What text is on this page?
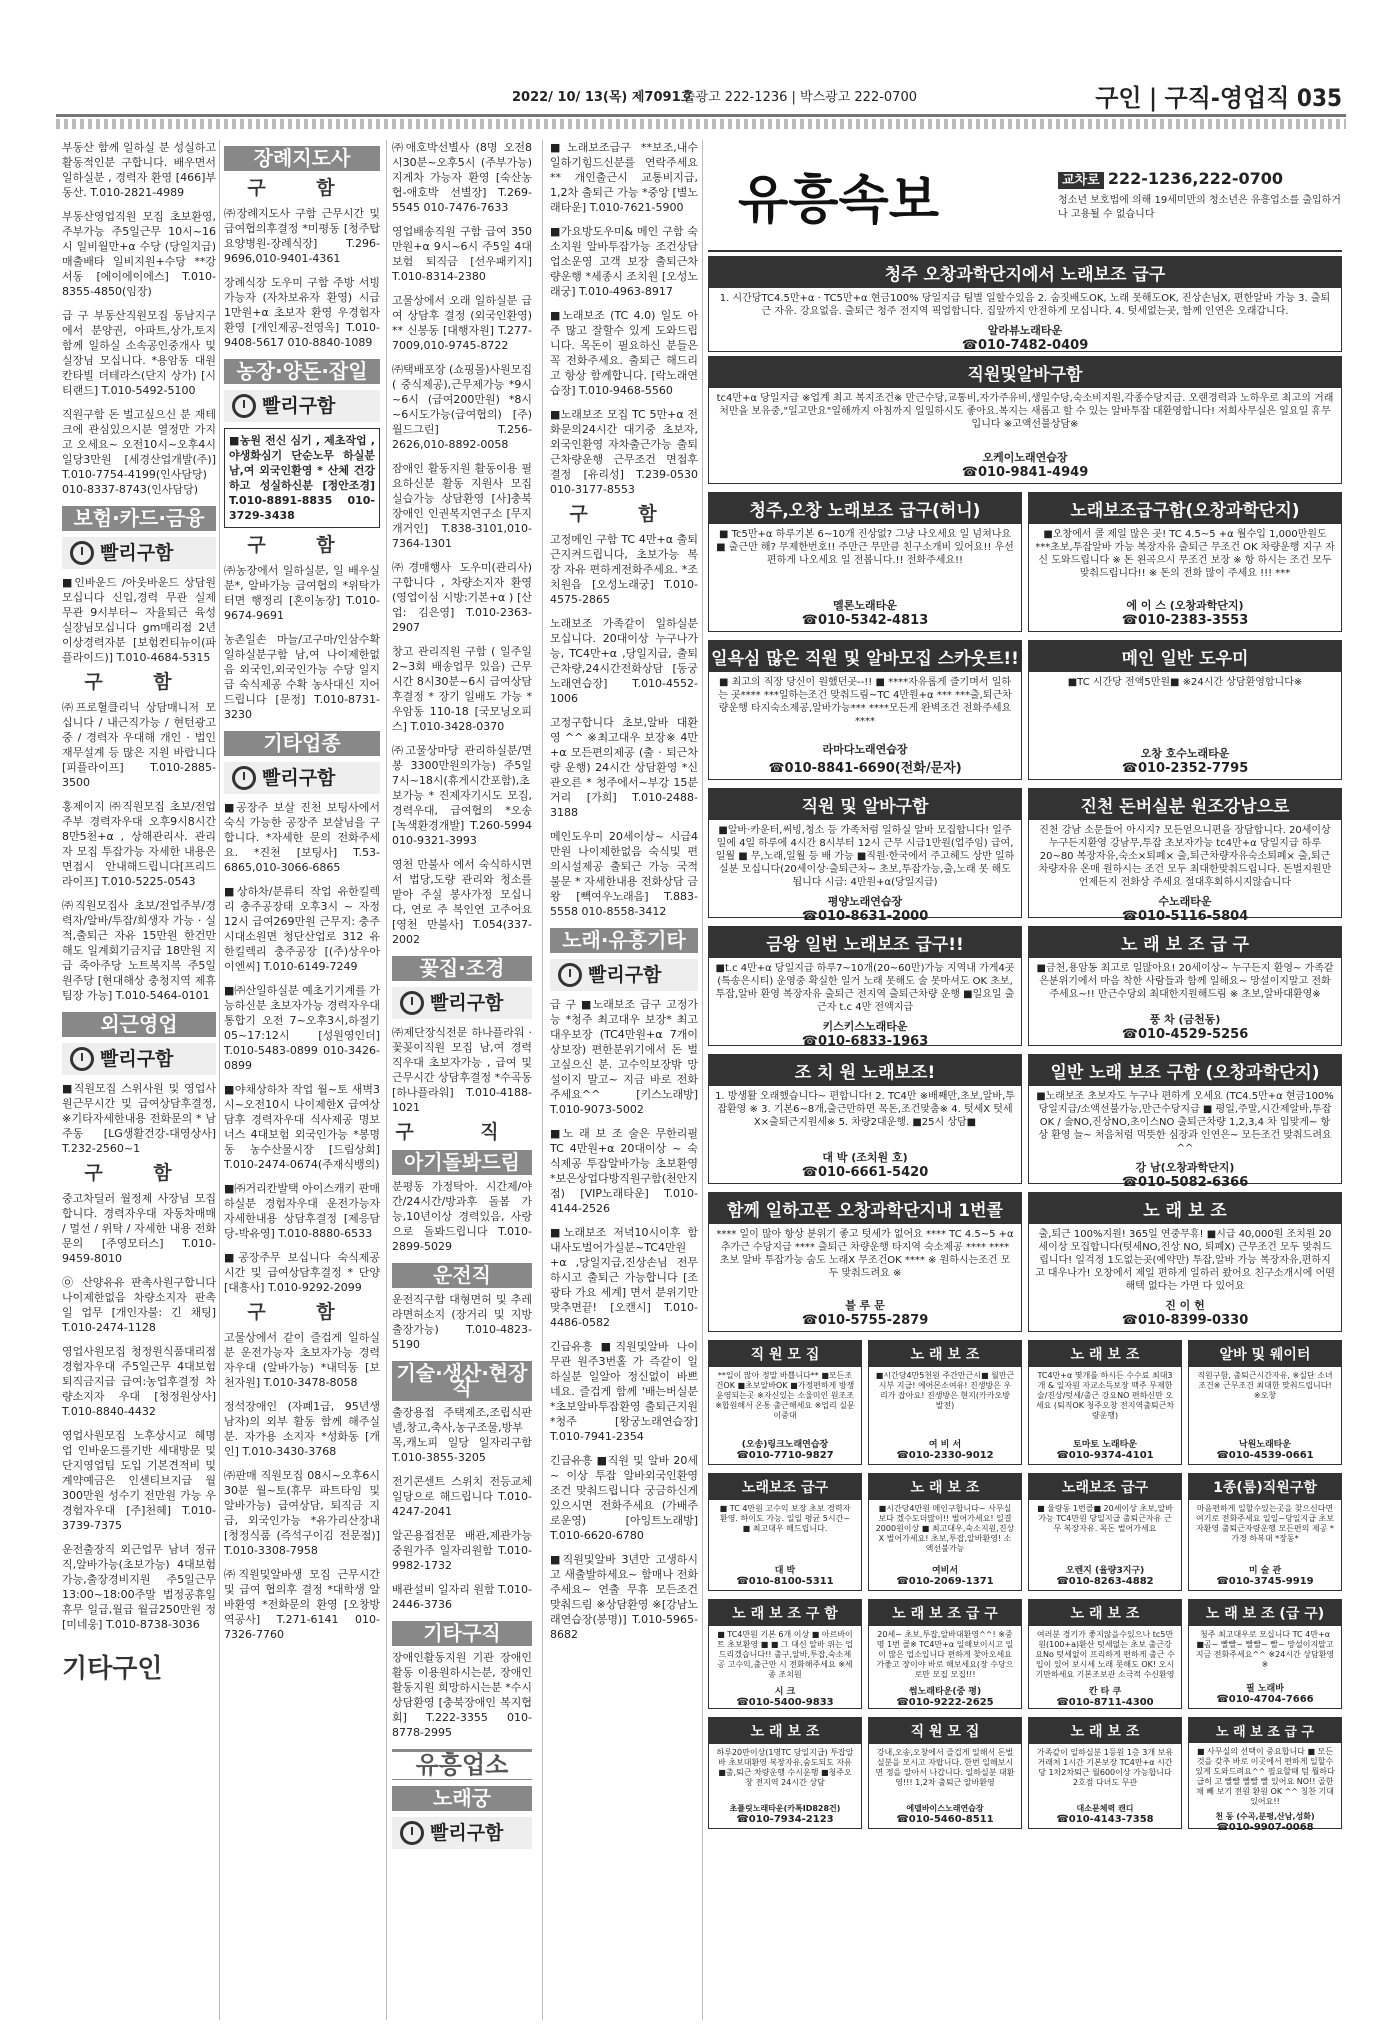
2022/ 10/ 13(목) 제7091호
출광고 222-1236 | 박스광고 222-0700	구인 | 구직-영업직 035

부동산 함께 일하실 분 성실하고 활동적인분 구합니다. 배우면서 일하실분 , 경력자 환영 [466]부동산. T.010-2821-4989

부동산영업직원 모집 초보환영, 주부가능 주5일근무 10시~16시 일비월만+α 수당 (당일지급) 매출배타 일비지원+수당 **강서동 [에이에이에스] T.010-8355-4850(임장)

급 구 부동산직원모집 동남지구에서 분양권, 아파트,상가,토지 함께 일하실 소속공인중개사 및 실장님 모십니다. *용암동 대원칸타빌 더테라스(단지 상가) [시티랜드] T.010-5492-5100

직원구함 돈 벌고싶으신 분 재테크에 관심있으시분 열정만 가지고 오세요~ 오전10시~오후4시 일당3만원 [세경산업개발(주)] T.010-7754-4199(인사담당) 010-8337-8743(인사담당)

보험·카드·금융
빨리구함

■인바운드 /아웃바운드 상담원 모십니다 신입,경력 무관 실제 무관 9시부터~ 자율퇴근 육성 실장님모십니다 gm매리점 2년 이상경력자분 [보험컨티뉴이(파플라이드)] T.010-4684-5315

구 함

㈜프로혈클리닉 상담매니저 모십니다 / 내근직가능 / 현턴광고중 / 경력자 우대해 개인 · 법인 재무설계 등 많은 지원 바랍니다 [피플라이프] T.010-2885-3500

홍제이지 ㈜직원모집 초보/전업주부 경력자우대 오후9시8시간 8만5천+α , 상해관리사. 관리자 모집 투잡가능 자세한 내용은 면접시 안내해드립니다[프리드라이프] T.010-5225-0543

㈜직원모집사 초보/전업주부/경력자/알바/투잡/희생자 가능 · 실적,출퇴근 자유 15만원 한건만해도 일계회기금지급 18만원 지급 죽아주당 노트복지복 주5일원주당 [현대해상 충청지역 제휴팀장 가능] T.010-5464-0101

외근영업
빨리구함

■직원모집 스위사원 및 영업사원근무시간 및 급여상담후결정, ※기타자세한내용 전화문의 * 남주동 [LG생활건강-대영상사] T.232-2560~1

구 함

중고차딜러 월정제 사장님 모집합니다. 경력자우대 자동차매매 / 멀선 / 위탁 / 자세한 내용 전화문의 [주영모터스] T.010-9459-8010

㉧ 산양유유 판촉사원구합니다 나이제한없음 차량소지자 판촉일 업무 [개인자불: 긴 채팅] T.010-2474-1128

영업사원모집 청정원식품대리점 경험자우대 주5일근무 4대보험 퇴직금지급 급여:농업후결정 차량소지자 우대 [청정원상사] T.010-8840-4432

영업사원모집 노후상시교 혜명업 인바운드를기반 세대방문 및 단지영업팀 도입 기본견적비 및 계약예금은 인센티브지급 월 300만원 성수기 전만원 가능 우경험자우대 [주]천혜] T.010-3739-7375

운전출장직 외근업무 남녀 정규직,알바가능(초보가능) 4대보험가능,출장경비지원 주5일근무 13:00~18:00주말 법정공휴일휴무 일급,월급 월급250만원 정[미네웅] T.010-8738-3036

기타구인
장례지도사
구 함

㈜장례지도사 구함 근무시간 및 급여협의후결정 *미평동 [청주탑요양병원-장례식장] T.296-9696,010-9401-4361

장례식장 도우미 구함 주방 서빙가능자 (자차보유자 환영) 시급 1만원+α 초보자 환영 우경험자 환영 [개인제공-전영옥] T.010-9408-5617 010-8840-1089

농장·양돈·잡일
빨리구함

■농원 전신 심기 , 제초작업 , 야생화심기 단순노무 하실분 남,여 외국인환영 * 산체 건강하고 성실하신분 [정안조경] T.010-8891-8835 010-3729-3438

구 함

㈜농장에서 일하실분, 일 배우실분*, 알바가능 급여협의 *위탁가터면 행정리 [혼이농장] T.010-9674-9691

농촌일손 마늘/고구마/인삼수확 일하실분구함 남,여 나이제한없음 외국인,외국인가능 수당 일지급 숙식제공 수확 농사대신 지어드립니다 [문정] T.010-8731-3230

기타업종
빨리구함

■공장주 보살 진천 보팅사에서 숙식 가능한 공장주 보살님을 구합니다. *자세한 문의 전화주세요. *진천 [보팅사] T.53-6865,010-3066-6865

■상하차/분류티 작업 유한킬렉 리 충주공장태 오후3시 ~ 자정 12시 급여269만원 근무지: 충주시대소원면 청단산업로 312 유한킬렉리 충주공장 [(주)상우아이엔씨] T.010-6149-7249

■㈜산일하실분 예초기기계를 가능하신분 초보자가능 경력자우대 통합기 오전 7~오후3시,하절기05~17:12시 [성원영인더] T.010-5483-0899 010-3426-0899

■야채상하차 작업 월~토 새벽3시~오전10시 나이제한X 급여상담후 경력자우대 식사제공 명보너스 4대보험 외국인가능 *봉명동 농수산물시장 [드림상회] T.010-2474-0674(주재식뱅의)

■㈜거리칸발택 아이스캐키 판매하실분 경험자우대 운전가능자 자세한내용 상담후결정 [제응담당-박유영] T.010-8880-6533

■공장주무 보십니다 숙식제공 시간 및 급여상담후결정 * 단양 [대흥사] T.010-9292-2099

구 함

고물상에서 같이 즐겁게 일하실 분 운전가능자 초보자가능 경력자우대 (알바가능) *내덕동 [보천자원] T.010-3478-8058

정석장애인 (자폐1급, 95년생 남자)의 외부 활동 함께 해주실 분. 자가용 소지자 *성화동 [개인] T.010-3430-3768

㈜판매 직원모집 08시~오후6시 30분 월~토(휴무 파트타임 및 알바가능) 급여상담, 퇴직금 지급, 외국인가능 *유가리산장내 [청정식품 (즉석구이김 전문점)] T.010-3308-7958

㈜직원및알바생 모집 근무시간 및 급여 협의후 결정 *대학생 알바환영 *전화문의 환영 [오창방역공사] T.271-6141 010-7326-7760

㈜애호박선별사 (8명 오전8시30분~오후5시 (주부가능) 지게차 가능자 환영 [숙산농협-애호박 선별장] T.269-5545 010-7476-7633

영업배송직원 구함 급여 350만원+α 9시~6시 주5일 4대보험 퇴직금 [선우패키지] T.010-8314-2380

고물상에서 오래 일하실분 급여 상담후 결정 (외국인환영) ** 신봉동 [대행자원] T.277-7009,010-9745-8722

㈜택배포장 (쇼핑몰)사원모집 ( 중식제공),근무제가능 *9시~6시 (급여200만원) *8시~6시도가능(급여협의) [주)월드그린] T.256-2626,010-8892-0058

잠애인 활동지원 활동이용 필요하신분 활동 지원사 모집 실습가능 상담환영 [사]충북장애인 인권복지연구소 [무지개거인] T.838-3101,010-7364-1301

㈜경매행사 도우미(관리사) 구합니다 , 차량소지자 환영 (영업이심 시방:기본+α ) [산업: 김은영] T.010-2363-2907

창고 관리직원 구함 ( 일주일 2~3회 배송업무 있음) 근무시간 8시30분~6시 급여상담후결정 * 장기 일배도 가능 * 우암동 110-18 [국모닝오피스] T.010-3428-0370

㈜고물상마당 관리하실분/면봉 3300만원의가능) 주5일 7시~18시(휴게시간포함),초보가능 * 진제자기시도 모집, 경력우대, 급여협의 *오송 [녹색환경개발] T.260-5994 010-9321-3993

영천 만불사 에서 숙식하시면서 법당,도량 관리와 청소를 맡아 주실 봉사가정 모십니다, 연로 주 복인연 고주어요 [영천 만불사] T.054(337-2002

꽃집·조경
빨리구함

㈜제단장식전문 하나플라워 · 꽃꽂이직원 모집 남,여 경력직우대 초보자가능 , 급여 및 근무시간 상담후결정 *수곡동 [하나플라워] T.010-4188-1021

구 직
아기돌봐드림

분평동 가정탁아. 시간제/야간/24시간/방과후 돌봄 가능,10년이상 경력있음, 사랑으로 돌봐드립니다 T.010-2899-5029

운전직

운전직구함 대형면허 및 추레라면허소지 (장거리 및 지방출장가능) T.010-4823-5190

기술·생산·현장직

출장용접 주택제조,조립식판넬,창고,축사,농구조물,방부목,캐노피 일당 일자리구함 T.010-3855-3205

전기콘센트 스위치 전등교체 일당으로 해드립니다 T.010-4247-2041

알곤용접전문 배관,제관가능 중원가주 일자리원함 T.010-9982-1732

배관설비 일자리 원함 T.010-2446-3736

기타구직

장애인활동지원 기관 장애인활동 이용원하시는분, 장애인활동지원 희망하시는분 *수시상담환영 [충북장애인 복지협회] T.222-3355 010-8778-2995

유흥업소
노래궁
빨리구함

■노래보조급구 **보조,내수 일하기힘드신분를 연락주세요** 개인출근시 교통비지급, 1,2차 출퇴근 가능 *중앙 [별노래타운] T.010-7621-5900

■가요방도우미& 메인 구함 숙소지원 알바투잡가능 조건상담 업소운영 고객 보장 출퇴근차량운행 *세종시 조치원 [오성노래궁] T.010-4963-8917

■노래보조 (TC 4.0) 일도 아주 많고 잘할수 있게 도와드립니다. 목돈이 필요하신 분들은 꼭 전화주세요. 출퇴근 해드리고 항상 함께합니다. [락노래연습장] T.010-9468-5560

■노래보조 모집 TC 5만+α 전화문의24시간 대기중 초보자,외국인환영 자차출근가능 출퇴근차량운행 근무조건 면접후 결정 [유리성] T.239-0530 010-3177-8553

구 함

고정메인 구함 TC 4만+α 출퇴근지켜드립니다, 초보가능 복장 자유 편하게전화주세요. *조치원읍 [오성노래궁] T.010-4575-2865

노래보조 가족같이 일하실분 모십니다. 20대이상 누구나가능, TC4만+α ,당일지급, 출퇴근차량,24시간전화상담 [동궁노래연습장] T.010-4552-1006

고정구합니다 초보,알바 대환영 ^^ ※최고대우 보장※ 4만+α 모든편의제공 (출 · 퇴근차량 운행) 24시간 상담환영 *신관오른 * 청주에서~부강 15분거리 [가희] T.010-2488-3188

메인도우미 20세이상~ 시급4만원 나이제한없음 숙식및 편의시설제공 출퇴근 가능 국적불문 * 자세한내용 전화상담 금왕 [빽여우노래음] T.883-5558 010-8558-3412

노래·유흥기타
빨리구함

급 구 ■노래보조 급구 고정가능 *청주 최고대우 보장* 최고대우보장 (TC4만원+α 7개이상보장) 편한분위기에서 돈 벌고싶으신 분. 고수익보장밖 망설이지 말고~ 지금 바로 전화주세요^^ [키스노래방] T.010-9073-5002

■노 래 보 조 술은 무한리필 TC 4만원+α 20대이상 ~ 숙식제공 투잡알바가능 초보환영 *보은상업다방직원구함(천안지점) [VIP노래타운] T.010-4144-2526

■노래보조 저녁10시이후 함내사도벌어가실분~TC4만원+α ,당일지급,진상손님 전무 하시고 출퇴근 가능합니다 [조광타 가요 세계] 면서 분위기만맞추면끝! [오캔시] T.010-4486-0582

긴급유흥 ■직원및알바 나이 무관 원주3번홀 가 즉같이 일하실분 일알아 정신없이 바쁘네요. 즐겁게 함께 '배는버실분 *초보알바투잡환영 출퇴근지원 *청주 [왕궁노래연습장] T.010-7941-2354

긴급유흥 ■직원 및 알바 20세 ~ 이상 투잡 알바외국인환영 조건 맞춰드립니다 궁금하신게 있으시면 전화주세요 (가배주로운영) [아잉트노래방] T.010-6620-6780

■직원및알바 3년만 고생하시고 새출발하세요~ 함매나 전화주세요~ 연출 무휴 모든조건 맞춰드림 ※상담환영 ※[강남노래연습장(봉명)] T.010-5965-8682

유흥속보	교차로 222-1236,222-0700
청소년 보호법에 의해 19세미만의 청소년은 유흥업소를 출입하거나 고용될 수 없습니다
청주 오창과학단지에서 노래보조 급구
1. 시간당TC4.5만+α · TC5만+α 현금100% 당일지급 팀별 일할수있음 2. 숨짓배도OK, 노래 못해도OK, 진상손님X, 편한알바 가능 3. 출퇴근 자유. 강요없음. 출퇴근 청주 전지역 픽업합니다. 집앞까지 안전하게 모십니다. 4. 텃세없는곳, 함께 인연은 오래갑니다.
알라뷰노래타운
☎010-7482-0409
직원및알바구함
tc4만+α 당일지급 ※업계 최고 복지조건※ 만근수당,교통비,자가주유비,생일수당,숙소비지원,각종수당지급. 오랜경력과 노하우로 최고의 거래처만을 보유중,"일고만요"일해까지 아침까지 일일하시도 좋아요.복지는 새롭고 할 수 있는 알바투잡 대환영합니다! 저희사무실은 일요일 휴무입니다 ※고액선불상담※
오케이노래연습장
☎010-9841-4949
청주,오창 노래보조 급구(허니)
■ Tc5만+α 하루기본 6~10개 진상없? 그냥 나오세요 일 넘쳐나요 ■ 출근만 해? 무제한번호!! 주만근 무만큼 친구소개비 있어요!! 우선 편하게 나오세요 일 전봅니다.!! 전화주세요!!
멜론노래타운
☎010-5342-4813
노래보조급구함(오창과학단지)
■오창에서 콜 제일 많은 곳! TC 4.5~5 +α 월수입 1,000만원도 ***초보,투잡알바 가능 복장자유 출퇴근 무조건 OK 차량운행 지구 자신 도와드립니다 ※ 돈 왼곡으시 무조건 보장 ※ 항 하시는 조건 모두 맞춰드립니다!! ※ 돈의 전화 많이 주세요 !!! ***
에 이 스 (오창과학단지)
☎010-2383-3553
일욕심 많은 직원 및 알바모집 스카웃트!!
■ 최고의 직장 당신이 원했던곳--!! ■ ****자유롭게 즐기며서 일하는 곳**** ***일하는조건 맞춰드림~TC 4만원+α *** ***출,퇴근차량운행 타지숙소제공,알바가능*** ****모든게 완벽조건 전화주세요****
라마다노래연습장
☎010-8841-6690(전화/문자)
메인 일반 도우미
■TC 시간당 전액5만원■ ※24시간 상담환영합니다※
오창 호수노래타운
☎010-2352-7795
직원 및 알바구함
■알바·카운터,써빙,청소 등 가족처럼 일하실 알바 모집합니다! 일주일에 4일 하루에 4시간 8시부터 12시 근무 시급1만원(업주임) 급여,일월 ■ 무,노래,일월 등 배 가능 ■직원·한국에서 주고헤드 상반 일하실분 모십니다(20세이상·출퇴근차~ 초보,투잡가능,출,노래 못 해도 됩니다 시급: 4만원+α(당일지급)
평양노래연습장
☎010-8631-2000
진천 돈버실분 원조강남으로
진천 강남 소문들어 아시지? 모든얻으니편을 장담합니다. 20세이상 누구든지환영 강남무,투잡 초보자가능 tc4만+α 당일지급 하루20~80 복장자유,숙소×퇴폐× 출,퇴근차량자유숙소퇴폐× 출,퇴근차량자유 온매 원하시는 조건 모두 최대한맞춰드립니다. 돈벌지원만 언제든지 전화상 주세요 절대후회하시지않습니다
수노래타운
☎010-5116-5804
금왕 일번 노래보조 급구!!
■t.c 4만+α 당일지급 하루7~10개(20~60만)가능 지역내 가게4곳(특송은시티) 운영중 확실한 일거 노래 못해도 술 못마셔도 OK 초보,투잡,알바 환영 복장자유 출퇴근 전지역 출퇴근차량 운행 ■일요일 출근자 t.c 4만 전액지급
키스키스노래타운
☎010-6833-1963
노 래 보 조 급 구
■금천,용암동 최고로 일많아요! 20세이상~ 누구든지 환영~ 가족같은분위기에서 마음 착한 사람들과 함께 일해요~ 망설이지말고 전화주세요~!! 만근수당외 최대한지원해드림 ※ 초보,알바대환영※
풍 차 (금천동)
☎010-4529-5256
조 치 원 노래보조!
1. 방생활 오래했습니다~ 편합니다! 2. TC4만 ※배째만,초보,알바,투잡환영 ※ 3. 기본6~8개,출근만하면 목돈,조건맞춤※ 4. 텃세X 텃세X×출퇴근지원세※ 5. 차량2대운행. ■25시 상담■
대 박 (조치원 호)
☎010-6661-5420
일반 노래 보조 구함 (오창과학단지)
■노래보조 초보자도 누구나 편하게 오세요 (TC4.5만+α 현금100% 당일지급/소액선불가능,만근수당지급 ■ 평일,주말,시간제알바,투잡OK / 술NO,진상NO,초이스NO 출퇴근차량 1,2,3,4 차 입맞게~ 항상 환영 늘~ 처음처럼 먹뜻한 심장과 인연은~ 모든조건 맞춰드려요^^
강 남(오창과학단지)
☎010-5082-6366
함께 일하고픈 오창과학단지내 1번콜
**** 일이 많아 항상 분위기 좋고 텃세가 없어요 **** TC 4.5~5 +α 추가근 수당지급 **** 출퇴근 차량운행 타지역 숙소제공 **** **** 초보 알바 투잡가능 숨도 노래X 무조건OK **** ※ 원하시는조건 모두 맞춰드려요 ※
블 루 문
☎010-5755-2879
노 래 보 조
출,퇴근 100%지원! 365일 연중무휴! ■시급 40,000원 조치원 20세이상 모집합니다(텃세NO,진상 NO, 퇴폐X) 근무조건 모두 맞춰드립니다! 일걱정 1도없는곳(예약만) 투잡,알바 가능 복장자유,편하지고 대우나가! 오창에서 제일 편하게 일하러 왔어요 친구소개시에 어떤해택 없다는 가면 다 있어요
진 이 헌
☎010-8399-0330
직 원 모 집
**일이 많아 정말 바쁩니다** ■모든조건OK ■초보알바OK ■가정편하게 방쟁운영되는곳 ※자신있는 소울미인 원조조 ※합원해서 온통 출근해세요 ※업리 실문이중대
(오송)링크노래연습장
☎010-7710-9827
노 래 보 조
■시간당4만5천원 주간만근시■ 월만근시부 지급! 에어몬소여유! 진생방은 우리가 잡아요! 진생방은 현지(카카오방 발전)
여 비 서
☎010-2330-9012
노 래 보 조
TC4만+α 몇개를 하시든 수수료 최대3개 & 일자원 자교소득보장 맥주 무제한 술/진상/텃세/출근 강요NO 편하신만 오세요 (퇴직OK 청주오창 전지역출퇴근차량운행)
토마토 노래타운
☎010-9374-4101
알바 및 웨이터
직원구함, 출퇴근시간자유, ※실단 소녀 조건※ 근무조건 최대한 맞춰드립니다! ※오창
낙원노래타운
☎010-4539-0661
노래보조 급구
■ TC 4만원 고수익 보장 초보 경력자 환영. 하이도 가능. 일일 평균 5시간~ ■ 최고대우 해드립니다.
대 박
☎010-8100-5311
노 래 보 조
■시간당4만원 메인구합니다~ 사무실보다 겠수도더많이!! 벌어가세요! 일결2000원이상 ■ 최고대우,숙소지원,진상X 벌어가세요! 초보,투잡,알바환영! 소액선불가능
여비서
☎010-2069-1371
노래보조 급구
■ 율량동 1번콜■ 20세이상 초보,알바가능 TC4만원 당일지급 출퇴근자유 근무 복장자유. 목돈 벌어가세요
오렌지 (율량3지구)
☎010-8263-4882
1종(룸)직원구함
마음편하게 일할수있는곳을 찾으신다면 여기로 전화주세요 일일~당일지급 초보자환영 출퇴근자량운행 모든편의 제공 *가경 하복대 *장동*
미 술 관
☎010-3745-9919
노 래 보 조 구 함
■ TC4만원 기본 6개 이상 ■ 아르바이트 초보환영 ■ ■ 그 대신 알바 위는 업드리겠습니다!! 출구,알바,투잡,숙소제공 고수익,출근만 시 전화해주세요 ※세종 조치원
시 크
☎010-5400-9833
노 래 보 조 급 구
20세~ 초보,투잡,알바대환영^^! ※중명 1번 콜※ TC4만+α 일해보이시고 일이 많은 업소입니다 편하게 찾아오세요 가좋고 장이야 바로 해보세요(장 수당으로만 모집 모집!!!
썸노래타운(중 평)
☎010-9222-2625
노 래 보 조
여러분 경기가 좋지않을수있으나 tc5만원(100+a)환산 텃세없는 초보 출근강요No 텃세없이 프리하게 편하게 출근 수입이 있어 보시세 노래 못해도 OK! 오시기만하세요 기본조보관 소극적 수신환영
칸 타 쿠
☎010-8711-4300
노 래 보 조 (급 구)
청주 최고대우로 모십니다 TC 4만+α ■곰~ 빨빨~ 빨빨~ 빨~ 망설이지말고 지금 전화주세요^^ ※24시간 상담환영※
필 노래바
☎010-4704-7666
노 래 보 조
하루20만이상(1명TC 당일지급) 투잡알바 초보대환영 복장자유,숨도되도 자유 ■출,퇴근 차량운행 수시운행 ■청주오창 전지역 24시간 상담
초플릿노래타운(카톡ID828건)
☎010-7934-2123
직 원 모 집
강내,오송,오창에서 즐겁게 일해서 돈벌 실분을 모시고 자랍니다. 한번 일해보시면 정을 알아서 나갑니다. 일하실분 대환영!!! 1,2차 출퇴근 알바환영
에델바이스노래연습장
☎010-5460-8511
노 래 보 조
가족같이 일하실분 1등원 1층 3개 보유 거래처 1시간 기본보장 TC4만+α 시간당 1차2차퇴근 월600이상 가능합니다 2호점 다녀도 무관
대소문체력 캔디
☎010-4143-7358
노 래 보 조 급 구
■ 사무실의 선택이 중요합니다 ■ 모든것을 갖추 바로 이곳에서 편하게 일할수있게 도와드려요^^ 필요할때 텀 뭘하다 급히 고 빨빨 빨빨 빨 있어요 NO!! 골한채 빼 보기 전원 환원 OK ^^ 칭찬 기대 있어요!!
천 동 (수곡,분평,산남,성화)
☎010-9907-0068
